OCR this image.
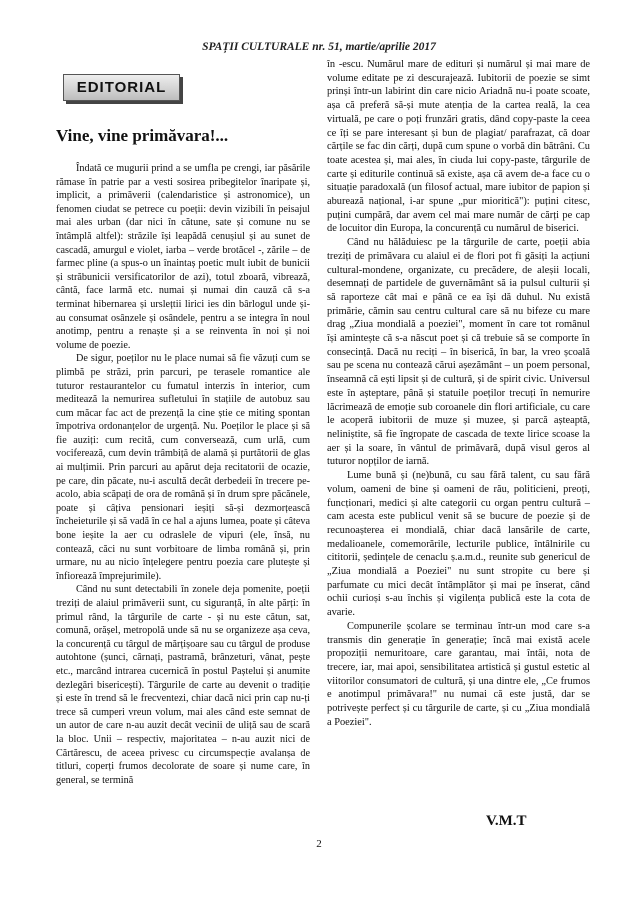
SPAȚII CULTURALE nr. 51, martie/aprilie 2017
EDITORIAL
Vine, vine primăvara!...

Îndată ce mugurii prind a se umfla pe crengi, iar păsările rămase în patrie par a vesti sosirea pribegitelor înaripate și, implicit, a primăverii (calendaristice și astronomice), un fenomen ciudat se petrece cu poeții: devin vizibili în peisajul mai ales urban (dar nici în cătune, sate și comune nu se întâmplă altfel): străzile își leapădă cenușiul și au sunet de cascadă, amurgul e violet, iarba – verde brotăcel -, zările – de farmec pline (a spus-o un înaintaș poetic mult iubit de bunicii și străbunicii versificatorilor de azi), totul zboară, vibrează, cântă, face larmă etc. numai și numai din cauză că s-a terminat hibernarea și urslețtii lirici ies din bârlogul unde și-au consumat osânzele și osândele, pentru a se integra în noul anotimp, pentru a renaște și a se reinventa în noi și noi volume de poezie.

De sigur, poeților nu le place numai să fie văzuți cum se plimbă pe străzi, prin parcuri, pe terasele romantice ale tuturor restaurantelor cu fumatul interzis în interior, cum meditează la nemurirea sufletului în stațiile de autobuz sau cum măcar fac act de prezență la cine știe ce miting spontan împotriva ordonanțelor de urgență. Nu. Poeților le place și să fie auziți: cum recită, cum conversează, cum urlă, cum vociferează, cum devin trâmbiță de alamă și purtătorii de glas ai mulțimii. Prin parcuri au apărut deja recitatorii de ocazie, pe care, din păcate, nu-i ascultă decât derbedeii în trecere pe-acolo, abia scăpați de ora de română și în drum spre păcănele, poate și câțiva pensionari ieșiți să-și dezmorțească încheieturile și să vadă în ce hal a ajuns lumea, poate și câteva bone ieșite la aer cu odraslele de vipuri (ele, însă, nu contează, căci nu sunt vorbitoare de limba română și, prin urmare, nu au nicio înțelegere pentru poezia care plutește și înfiorează împrejurimile).

Când nu sunt detectabili în zonele deja pomenite, poeții treziți de alaiul primăverii sunt, cu siguranță, în alte părți: în primul rând, la târgurile de carte - și nu este cătun, sat, comună, orășel, metropolă unde să nu se organizeze așa ceva, la concurență cu târgul de mărțișoare sau cu târgul de produse autohtone (șunci, cârnați, pastramă, brânzeturi, vânat, pește etc., marcând intrarea cucernică în postul Paștelui și anumite dezlegări bisericești). Târgurile de carte au devenit o tradiție și este în trend să le frecventezi, chiar dacă nici prin cap nu-ți trece să cumperi vreun volum, mai ales când este semnat de un autor de care n-au auzit decât vecinii de uliță sau de scară la bloc. Unii – respectiv, majoritatea – n-au auzit nici de Cărtărescu, de aceea privesc cu circumspecție avalanșa de titluri, coperți frumos decolorate de soare și nume care, în general, se termină

în -escu. Numărul mare de edituri și numărul și mai mare de volume editate pe zi descurajează. Iubitorii de poezie se simt prinși într-un labirint din care nicio Ariadnă nu-i poate scoate, așa că preferă să-și mute atenția de la cartea reală, la cea virtuală, pe care o poți frunzări gratis, dând copy-paste la ceea ce îți se pare interesant și bun de plagiat/ parafrazat, că doar cărțile se fac din cărți, după cum spune o vorbă din bătrâni. Cu toate acestea și, mai ales, în ciuda lui copy-paste, târgurile de carte și editurile continuă să existe, așa că avem de-a face cu o situație paradoxală (un filosof actual, mare iubitor de papion și aburează național, i-ar spune „pur mioritică"): puțini citesc, puțini cumpără, dar avem cel mai mare număr de cărți pe cap de locuitor din Europa, la concurență cu numărul de biserici.

Când nu hălăduiesc pe la târgurile de carte, poeții abia treziți de primăvara cu alaiul ei de flori pot fi găsiți la acțiuni cultural-mondene, organizate, cu precădere, de aleșii locali, desemnați de partidele de guvernământ să ia pulsul culturii și să raporteze cât mai e până ce ea își dă duhul. Nu există primărie, cămin sau centru cultural care să nu bifeze cu mare drag „Ziua mondială a poeziei", moment în care tot românul își amintește că s-a născut poet și că trebuie să se comporte în consecință. Dacă nu reciți – în biserică, în bar, la vreo școală sau pe scena nu contează cărui așezământ – un poem personal, înseamnă că ești lipsit și de cultură, și de spirit civic. Universul este în așteptare, până și statuile poeților trecuți în nemurire lăcrimează de emoție sub coroanele din flori artificiale, cu care le acoperă iubitorii de muze și muzee, și parcă așteaptă, neliniștite, să fie îngropate de cascada de texte lirice scoase la aer și la soare, în vântul de primăvară, după visul geros al tuturor nopților de iarnă.

Lume bună și (ne)bună, cu sau fără talent, cu sau fără volum, oameni de bine și oameni de rău, politicieni, preoți, funcționari, medici și alte categorii cu organ pentru cultură – cam acesta este publicul venit să se bucure de poezie și de recunoașterea ei mondială, chiar dacă lansările de carte, medalioanele, comemorările, lecturile publice, întâlnirile cu cititorii, ședințele de cenaclu ș.a.m.d., reunite sub genericul de „Ziua mondială a Poeziei" nu sunt stropite cu bere și parfumate cu mici decât întâmplător și mai pe înserat, când ochii curioși s-au închis și vigilența publică este la cota de avarie.

Compunerile școlare se terminau într-un mod care s-a transmis din generație în generație; încă mai există acele propoziții nemuritoare, care garantau, mai întâi, nota de trecere, iar, mai apoi, sensibilitatea artistică și gustul estetic al viitorilor consumatori de cultură, și una dintre ele, „Ce frumos e anotimpul primăvara!" nu numai că este justă, dar se potrivește perfect și cu târgurile de carte, și cu „Ziua mondială a Poeziei".

V.M.T
2
